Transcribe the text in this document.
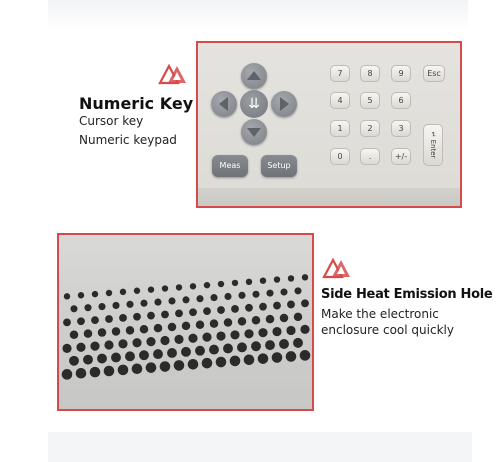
⇊
Meas	Setup
7	8	9	Esc
4	5	6
1	2	3
0	.	+/-	↵ Enter
Numeric Key
Cursor key
Numeric keypad
Side Heat Emission Hole
Make the electronic
enclosure cool quickly
